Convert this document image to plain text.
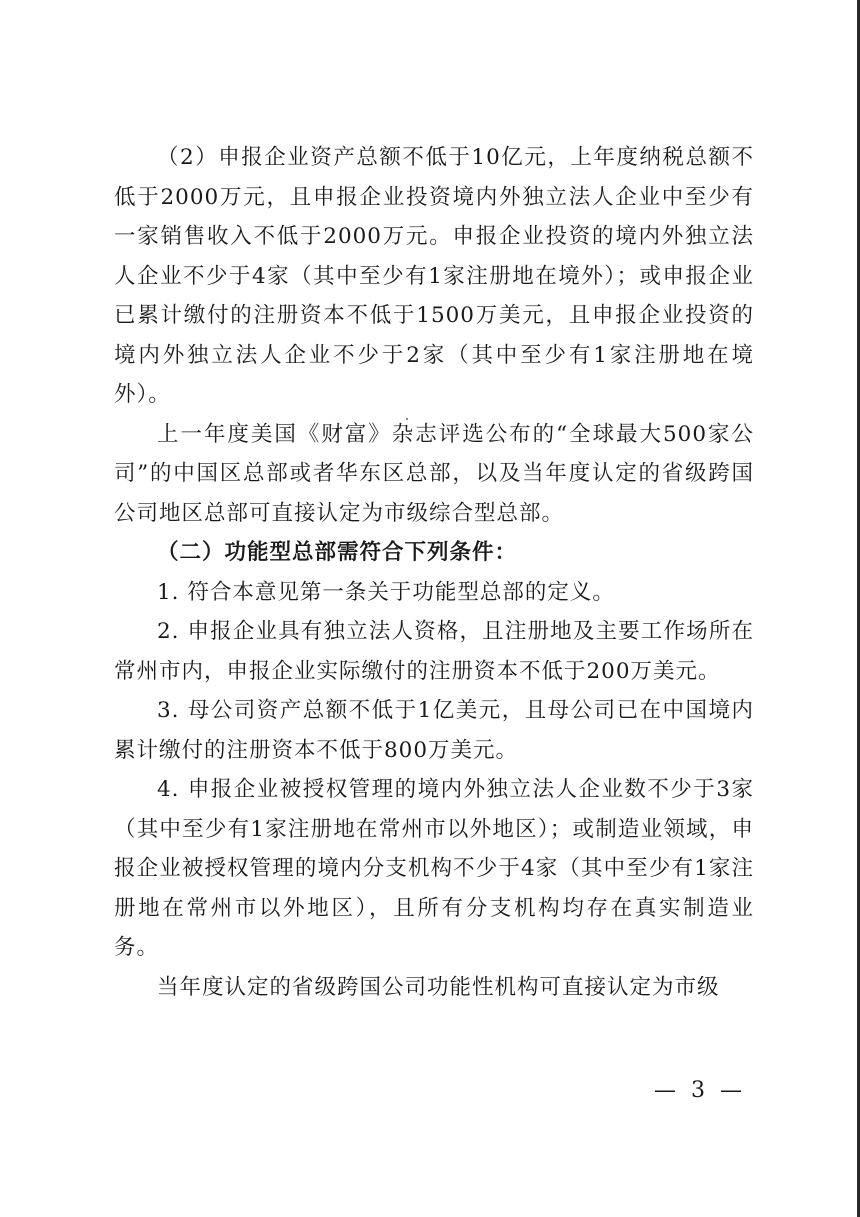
（2）申报企业资产总额不低于10亿元，上年度纳税总额不低于2000万元，且申报企业投资境内外独立法人企业中至少有一家销售收入不低于2000万元。申报企业投资的境内外独立法人企业不少于4家（其中至少有1家注册地在境外）；或申报企业已累计缴付的注册资本不低于1500万美元，且申报企业投资的境内外独立法人企业不少于2家（其中至少有1家注册地在境外）。

上一年度美国《财富》杂志评选公布的“全球最大500家公司”的中国区总部或者华东区总部，以及当年度认定的省级跨国公司地区总部可直接认定为市级综合型总部。

（二）功能型总部需符合下列条件：

1. 符合本意见第一条关于功能型总部的定义。

2. 申报企业具有独立法人资格，且注册地及主要工作场所在常州市内，申报企业实际缴付的注册资本不低于200万美元。

3. 母公司资产总额不低于1亿美元，且母公司已在中国境内累计缴付的注册资本不低于800万美元。

4. 申报企业被授权管理的境内外独立法人企业数不少于3家（其中至少有1家注册地在常州市以外地区）；或制造业领域，申报企业被授权管理的境内分支机构不少于4家（其中至少有1家注册地在常州市以外地区），且所有分支机构均存在真实制造业务。

当年度认定的省级跨国公司功能性机构可直接认定为市级

— 3 —
